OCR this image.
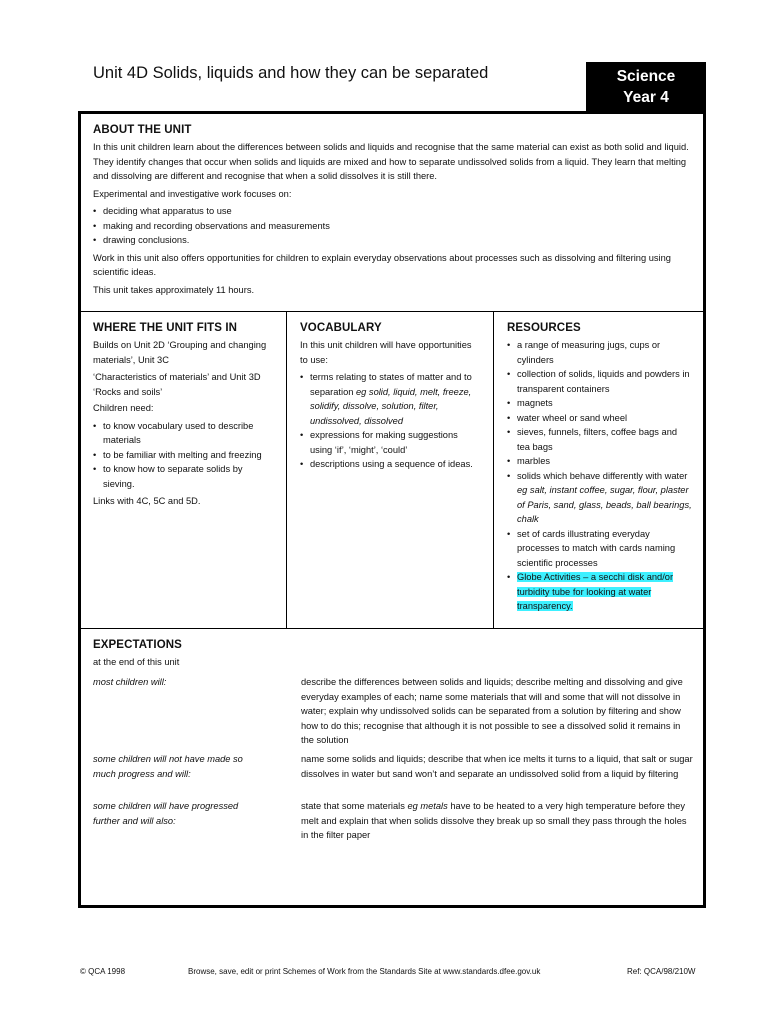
Unit 4D Solids, liquids and how they can be separated	Science
Year 4
ABOUT THE UNIT

In this unit children learn about the differences between solids and liquids and recognise that the same material can exist as both solid and liquid. They identify changes that occur when solids and liquids are mixed and how to separate undissolved solids from a liquid. They learn that melting and dissolving are different and recognise that when a solid dissolves it is still there.

Experimental and investigative work focuses on:

• deciding what apparatus to use
• making and recording observations and measurements
• drawing conclusions.

Work in this unit also offers opportunities for children to explain everyday observations about processes such as dissolving and filtering using scientific ideas.

This unit takes approximately 11 hours.

WHERE THE UNIT FITS IN

Builds on Unit 2D ‘Grouping and changing materials’, Unit 3C

‘Characteristics of materials’ and Unit 3D ‘Rocks and soils’

Children need:

• to know vocabulary used to describe materials
• to be familiar with melting and freezing
• to know how to separate solids by sieving.

Links with 4C, 5C and 5D.

VOCABULARY

In this unit children will have opportunities to use:

• terms relating to states of matter and to separation eg solid, liquid, melt, freeze, solidify, dissolve, solution, filter, undissolved, dissolved
• expressions for making suggestions using ‘if’, ‘might’, ‘could’
• descriptions using a sequence of ideas.
RESOURCES
• a range of measuring jugs, cups or cylinders
• collection of solids, liquids and powders in transparent containers
• magnets
• water wheel or sand wheel
• sieves, funnels, filters, coffee bags and tea bags
• marbles
• solids which behave differently with water eg salt, instant coffee, sugar, flour, plaster of Paris, sand, glass, beads, ball bearings, chalk
• set of cards illustrating everyday processes to match with cards naming scientific processes
• Globe Activities – a secchi disk and/or turbidity tube for looking at water transparency.
EXPECTATIONS
at the end of this unit
most children will:	describe the differences between solids and liquids; describe melting and dissolving and give everyday examples of each; name some materials that will and some that will not dissolve in water; explain why undissolved solids can be separated from a solution by filtering and show how to do this; recognise that although it is not possible to see a dissolved solid it remains in the solution
some children will not have made so much progress and will:
name some solids and liquids; describe that when ice melts it turns to a liquid, that salt or sugar dissolves in water but sand won’t and separate an undissolved solid from a liquid by filtering
some children will have progressed further and will also:
state that some materials eg metals have to be heated to a very high temperature before they melt and explain that when solids dissolve they break up so small they pass through the holes in the filter paper
© QCA 1998	Browse, save, edit or print Schemes of Work from the Standards Site at www.standards.dfee.gov.uk	Ref: QCA/98/210W
